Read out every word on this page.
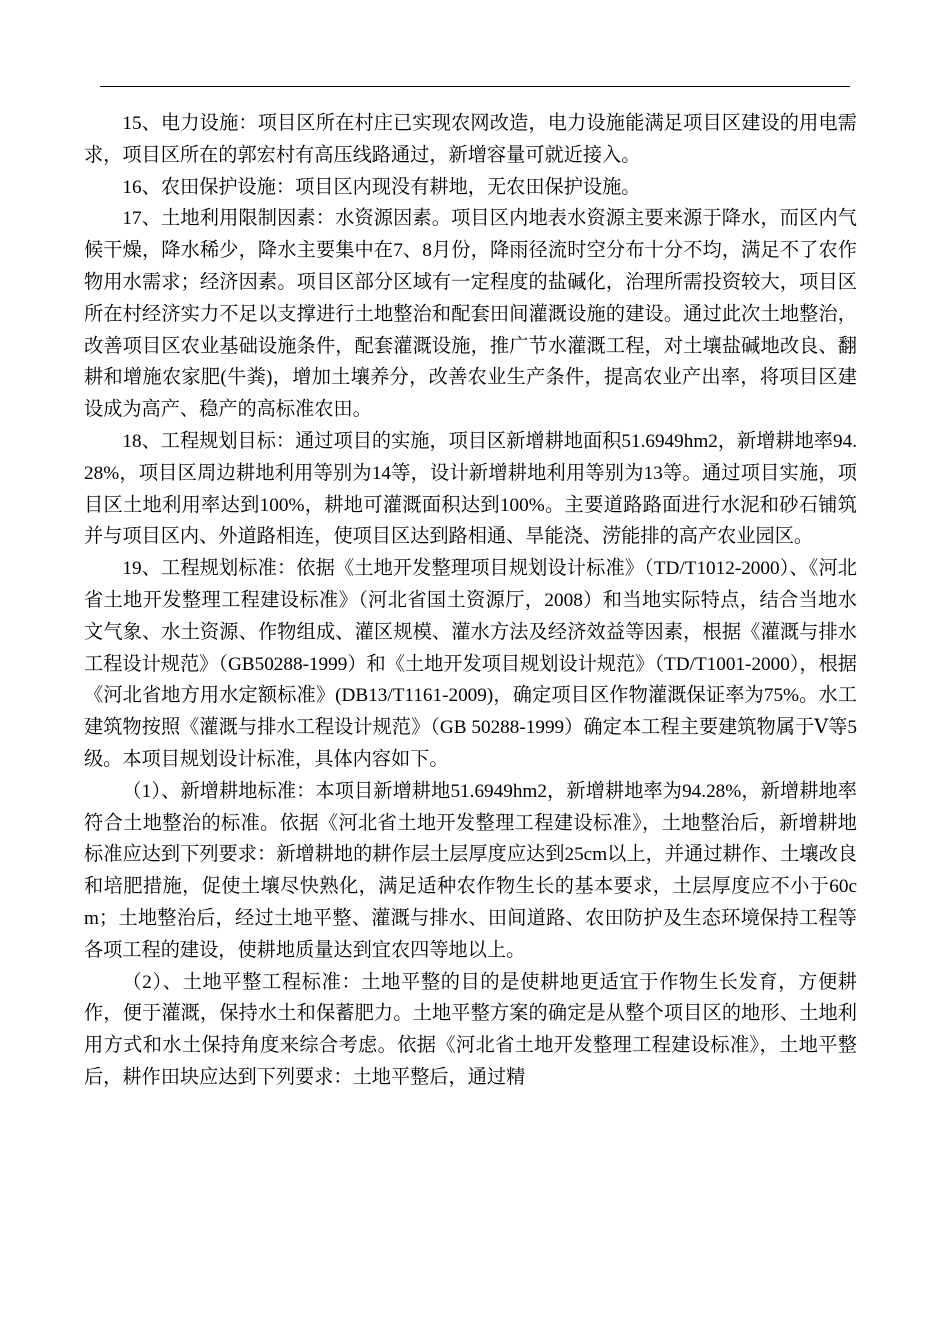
15、电力设施：项目区所在村庄已实现农网改造，电力设施能满足项目区建设的用电需求，项目区所在的郭宏村有高压线路通过，新增容量可就近接入。

16、农田保护设施：项目区内现没有耕地，无农田保护设施。

17、土地利用限制因素：水资源因素。项目区内地表水资源主要来源于降水，而区内气候干燥，降水稀少，降水主要集中在7、8月份，降雨径流时空分布十分不均，满足不了农作物用水需求；经济因素。项目区部分区域有一定程度的盐碱化，治理所需投资较大，项目区所在村经济实力不足以支撑进行土地整治和配套田间灌溉设施的建设。通过此次土地整治，改善项目区农业基础设施条件，配套灌溉设施，推广节水灌溉工程，对土壤盐碱地改良、翻耕和增施农家肥(牛粪)，增加土壤养分，改善农业生产条件，提高农业产出率，将项目区建设成为高产、稳产的高标准农田。

18、工程规划目标：通过项目的实施，项目区新增耕地面积51.6949hm2，新增耕地率94.28%，项目区周边耕地利用等别为14等，设计新增耕地利用等别为13等。通过项目实施，项目区土地利用率达到100%，耕地可灌溉面积达到100%。主要道路路面进行水泥和砂石铺筑并与项目区内、外道路相连，使项目区达到路相通、旱能浇、涝能排的高产农业园区。

19、工程规划标准：依据《土地开发整理项目规划设计标准》（TD/T1012-2000）、《河北省土地开发整理工程建设标准》（河北省国土资源厅，2008）和当地实际特点，结合当地水文气象、水土资源、作物组成、灌区规模、灌水方法及经济效益等因素，根据《灌溉与排水工程设计规范》（GB50288-1999）和《土地开发项目规划设计规范》（TD/T1001-2000），根据《河北省地方用水定额标准》(DB13/T1161-2009)，确定项目区作物灌溉保证率为75%。水工建筑物按照《灌溉与排水工程设计规范》（GB 50288-1999）确定本工程主要建筑物属于Ⅴ等5级。本项目规划设计标准，具体内容如下。

（1）、新增耕地标准：本项目新增耕地51.6949hm2，新增耕地率为94.28%，新增耕地率符合土地整治的标准。依据《河北省土地开发整理工程建设标准》，土地整治后，新增耕地标准应达到下列要求：新增耕地的耕作层土层厚度应达到25cm以上，并通过耕作、土壤改良和培肥措施，促使土壤尽快熟化，满足适种农作物生长的基本要求，土层厚度应不小于60cm；土地整治后，经过土地平整、灌溉与排水、田间道路、农田防护及生态环境保持工程等各项工程的建设，使耕地质量达到宜农四等地以上。

（2）、土地平整工程标准：土地平整的目的是使耕地更适宜于作物生长发育，方便耕作，便于灌溉，保持水土和保蓄肥力。土地平整方案的确定是从整个项目区的地形、土地利用方式和水土保持角度来综合考虑。依据《河北省土地开发整理工程建设标准》，土地平整后，耕作田块应达到下列要求：土地平整后，通过精
